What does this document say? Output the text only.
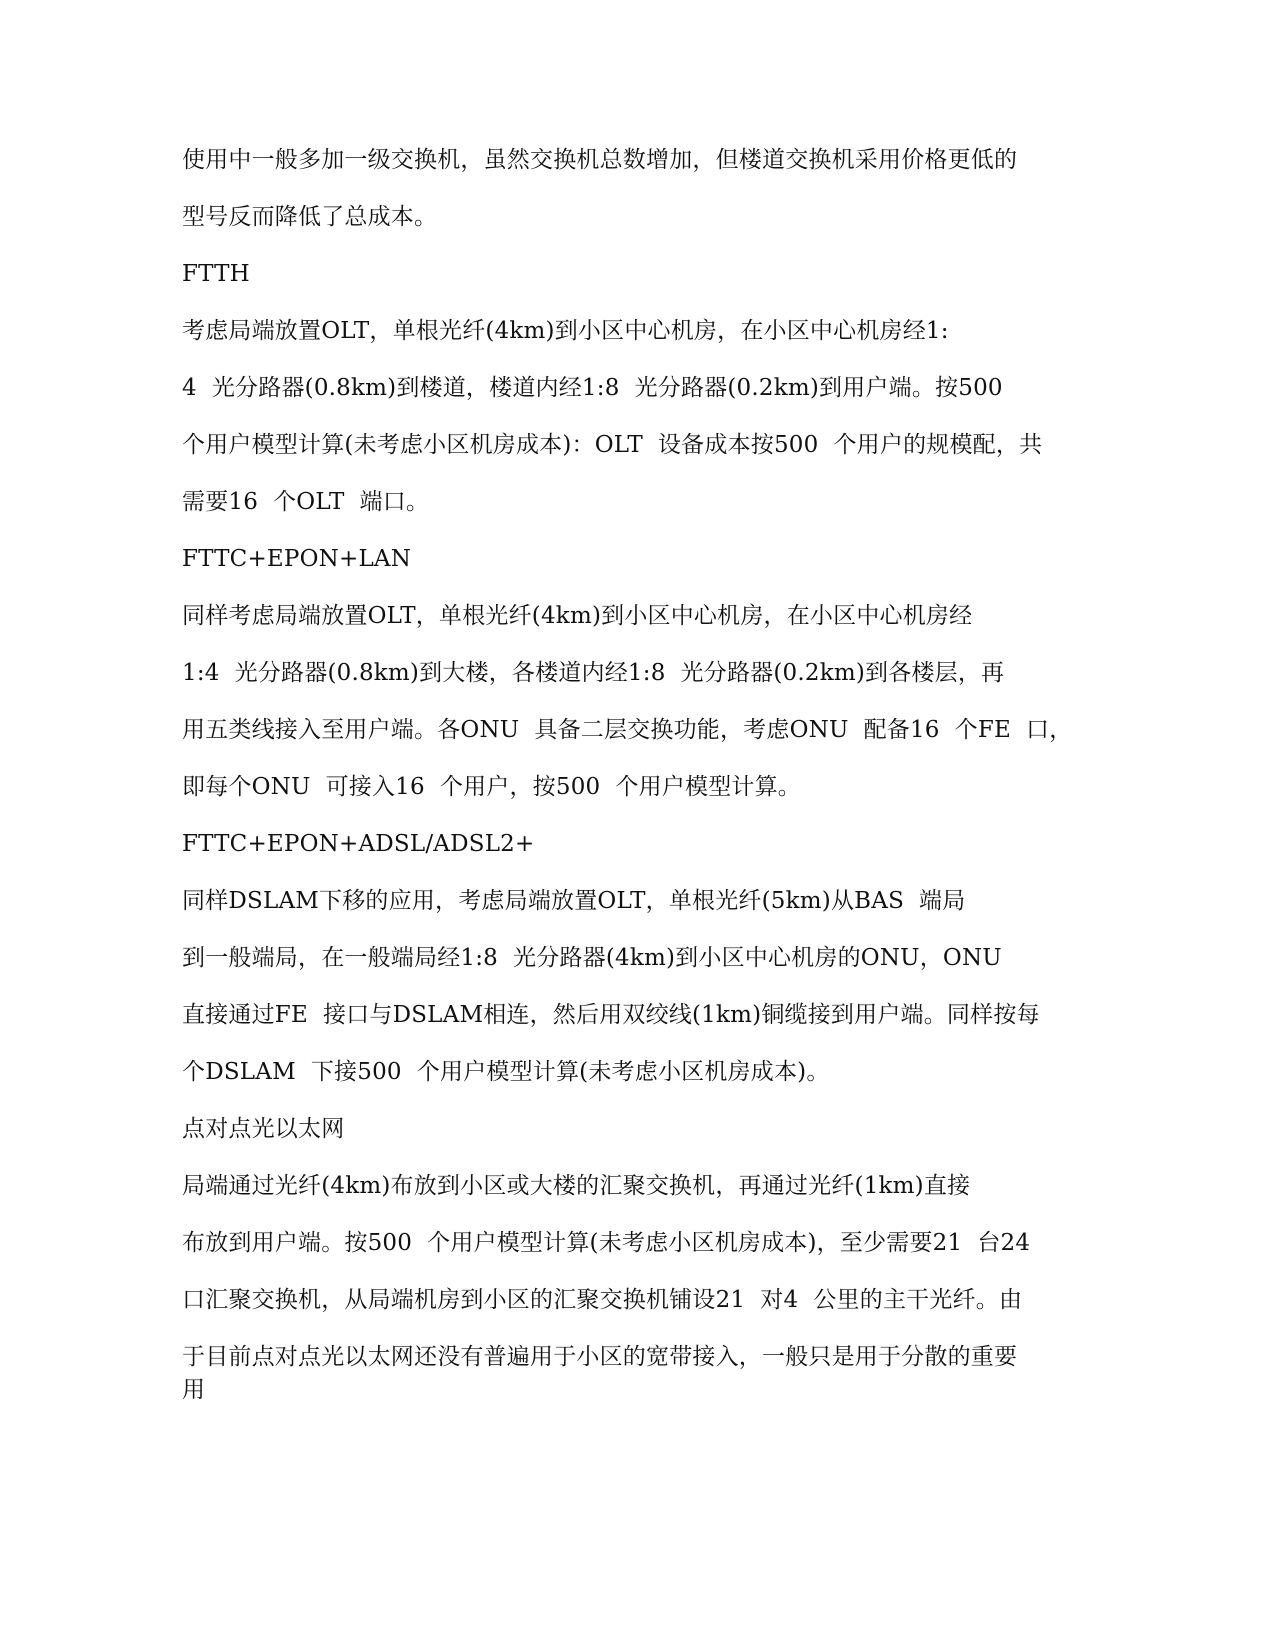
使用中一般多加一级交换机，虽然交换机总数增加，但楼道交换机采用价格更低的
型号反而降低了总成本。
FTTH
考虑局端放置OLT，单根光纤(4km)到小区中心机房，在小区中心机房经1:
4  光分路器(0.8km)到楼道，楼道内经1:8  光分路器(0.2km)到用户端。按500
个用户模型计算(未考虑小区机房成本)：OLT  设备成本按500  个用户的规模配，共
需要16  个OLT  端口。
FTTC+EPON+LAN
同样考虑局端放置OLT，单根光纤(4km)到小区中心机房，在小区中心机房经
1:4  光分路器(0.8km)到大楼，各楼道内经1:8  光分路器(0.2km)到各楼层，再
用五类线接入至用户端。各ONU  具备二层交换功能，考虑ONU  配备16  个FE  口，
即每个ONU  可接入16  个用户，按500  个用户模型计算。
FTTC+EPON+ADSL/ADSL2+
同样DSLAM下移的应用，考虑局端放置OLT，单根光纤(5km)从BAS  端局
到一般端局，在一般端局经1:8  光分路器(4km)到小区中心机房的ONU，ONU
直接通过FE  接口与DSLAM相连，然后用双绞线(1km)铜缆接到用户端。同样按每
个DSLAM  下接500  个用户模型计算(未考虑小区机房成本)。
点对点光以太网
局端通过光纤(4km)布放到小区或大楼的汇聚交换机，再通过光纤(1km)直接
布放到用户端。按500  个用户模型计算(未考虑小区机房成本)，至少需要21  台24
口汇聚交换机，从局端机房到小区的汇聚交换机铺设21  对4  公里的主干光纤。由
于目前点对点光以太网还没有普遍用于小区的宽带接入，一般只是用于分散的重要
用
